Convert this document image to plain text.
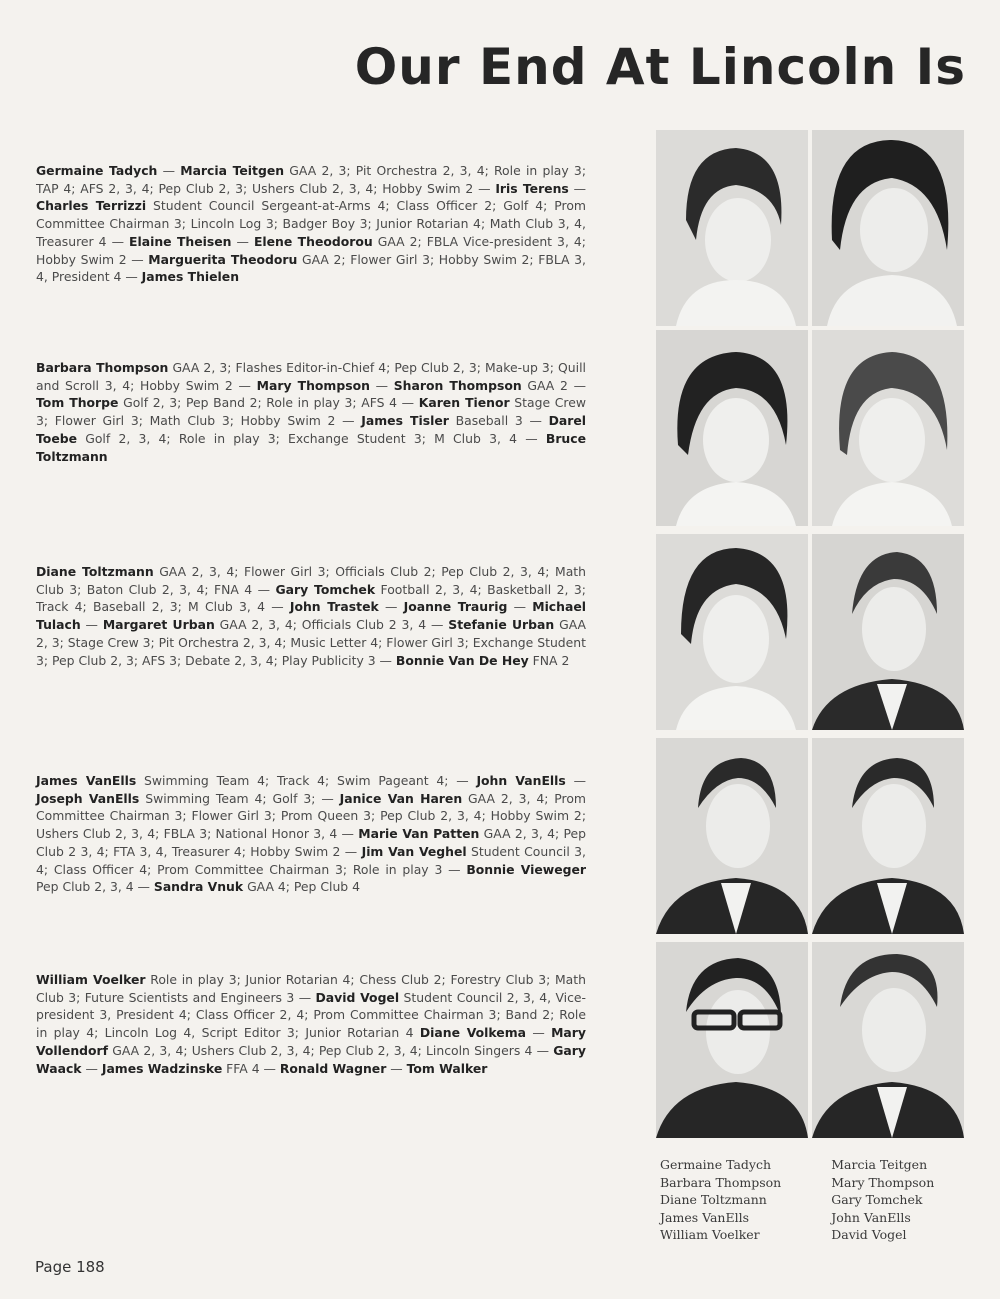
Our End At Lincoln Is
Germaine Tadych — Marcia Teitgen GAA 2, 3; Pit Orchestra 2, 3, 4; Role in play 3; TAP 4; AFS 2, 3, 4; Pep Club 2, 3; Ushers Club 2, 3, 4; Hobby Swim 2 — Iris Terens — Charles Terrizzi Student Council Sergeant-at-Arms 4; Class Officer 2; Golf 4; Prom Committee Chairman 3; Lincoln Log 3; Badger Boy 3; Junior Rotarian 4; Math Club 3, 4, Treasurer 4 — Elaine Theisen — Elene Theodorou GAA 2; FBLA Vice-president 3, 4; Hobby Swim 2 — Marguerita Theodoru GAA 2; Flower Girl 3; Hobby Swim 2; FBLA 3, 4, President 4 — James Thielen
Barbara Thompson GAA 2, 3; Flashes Editor-in-Chief 4; Pep Club 2, 3; Make-up 3; Quill and Scroll 3, 4; Hobby Swim 2 — Mary Thompson — Sharon Thompson GAA 2 — Tom Thorpe Golf 2, 3; Pep Band 2; Role in play 3; AFS 4 — Karen Tienor Stage Crew 3; Flower Girl 3; Math Club 3; Hobby Swim 2 — James Tisler Baseball 3 — Darel Toebe Golf 2, 3, 4; Role in play 3; Exchange Student 3; M Club 3, 4 — Bruce Toltzmann
Diane Toltzmann GAA 2, 3, 4; Flower Girl 3; Officials Club 2; Pep Club 2, 3, 4; Math Club 3; Baton Club 2, 3, 4; FNA 4 — Gary Tomchek Football 2, 3, 4; Basketball 2, 3; Track 4; Baseball 2, 3; M Club 3, 4 — John Trastek — Joanne Traurig — Michael Tulach — Margaret Urban GAA 2, 3, 4; Officials Club 2 3, 4 — Stefanie Urban GAA 2, 3; Stage Crew 3; Pit Orchestra 2, 3, 4; Music Letter 4; Flower Girl 3; Exchange Student 3; Pep Club 2, 3; AFS 3; Debate 2, 3, 4; Play Publicity 3 — Bonnie Van De Hey FNA 2
James VanElls Swimming Team 4; Track 4; Swim Pageant 4; — John VanElls — Joseph VanElls Swimming Team 4; Golf 3; — Janice Van Haren GAA 2, 3, 4; Prom Committee Chairman 3; Flower Girl 3; Prom Queen 3; Pep Club 2, 3, 4; Hobby Swim 2; Ushers Club 2, 3, 4; FBLA 3; National Honor 3, 4 — Marie Van Patten GAA 2, 3, 4; Pep Club 2 3, 4; FTA 3, 4, Treasurer 4; Hobby Swim 2 — Jim Van Veghel Student Council 3, 4; Class Officer 4; Prom Committee Chairman 3; Role in play 3 — Bonnie Vieweger Pep Club 2, 3, 4 — Sandra Vnuk GAA 4; Pep Club 4
William Voelker Role in play 3; Junior Rotarian 4; Chess Club 2; Forestry Club 3; Math Club 3; Future Scientists and Engineers 3 — David Vogel Student Council 2, 3, 4, Vice-president 3, President 4; Class Officer 2, 4; Prom Committee Chairman 3; Band 2; Role in play 4; Lincoln Log 4, Script Editor 3; Junior Rotarian 4 Diane Volkema — Mary Vollendorf GAA 2, 3, 4; Ushers Club 2, 3, 4; Pep Club 2, 3, 4; Lincoln Singers 4 — Gary Waack — James Wadzinske FFA 4 — Ronald Wagner — Tom Walker
Germaine Tadych
Barbara Thompson
Diane Toltzmann
James VanElls
William Voelker
Marcia Teitgen
Mary Thompson
Gary Tomchek
John VanElls
David Vogel
Page 188
